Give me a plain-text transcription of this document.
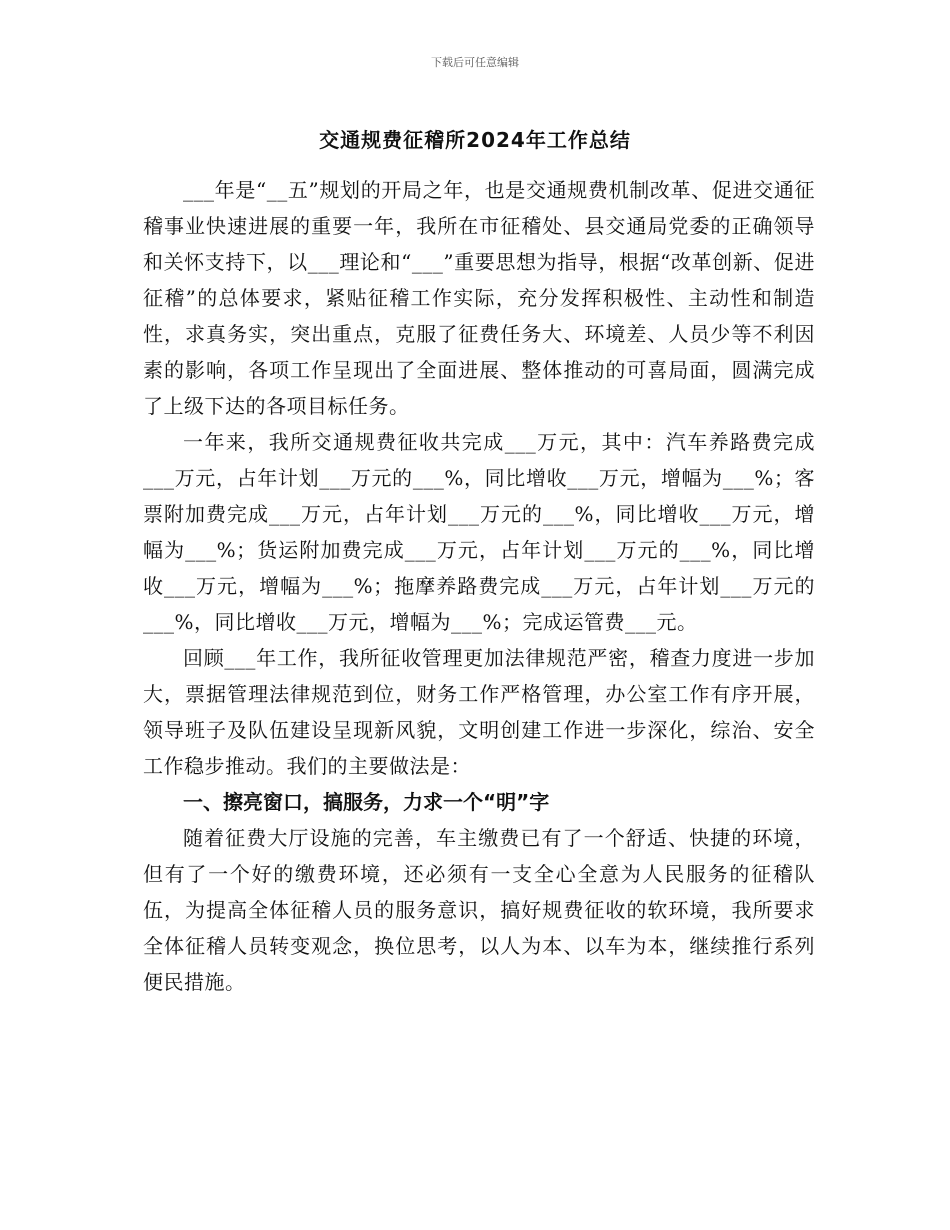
下载后可任意编辑
交通规费征稽所2024年工作总结

___年是“__五”规划的开局之年，也是交通规费机制改革、促进交通征稽事业快速进展的重要一年，我所在市征稽处、县交通局党委的正确领导和关怀支持下，以___理论和“___”重要思想为指导，根据“改革创新、促进征稽”的总体要求，紧贴征稽工作实际，充分发挥积极性、主动性和制造性，求真务实，突出重点，克服了征费任务大、环境差、人员少等不利因素的影响，各项工作呈现出了全面进展、整体推动的可喜局面，圆满完成了上级下达的各项目标任务。

一年来，我所交通规费征收共完成___万元，其中：汽车养路费完成___万元，占年计划___万元的___%，同比增收___万元，增幅为___%；客票附加费完成___万元，占年计划___万元的___%，同比增收___万元，增幅为___%；货运附加费完成___万元，占年计划___万元的___%，同比增收___万元，增幅为___%；拖摩养路费完成___万元，占年计划___万元的___%，同比增收___万元，增幅为___%；完成运管费___元。

回顾___年工作，我所征收管理更加法律规范严密，稽查力度进一步加大，票据管理法律规范到位，财务工作严格管理，办公室工作有序开展，领导班子及队伍建设呈现新风貌，文明创建工作进一步深化，综治、安全工作稳步推动。我们的主要做法是：

一、擦亮窗口，搞服务，力求一个“明”字

随着征费大厅设施的完善，车主缴费已有了一个舒适、快捷的环境，但有了一个好的缴费环境，还必须有一支全心全意为人民服务的征稽队伍，为提高全体征稽人员的服务意识，搞好规费征收的软环境，我所要求全体征稽人员转变观念，换位思考，以人为本、以车为本，继续推行系列便民措施。
